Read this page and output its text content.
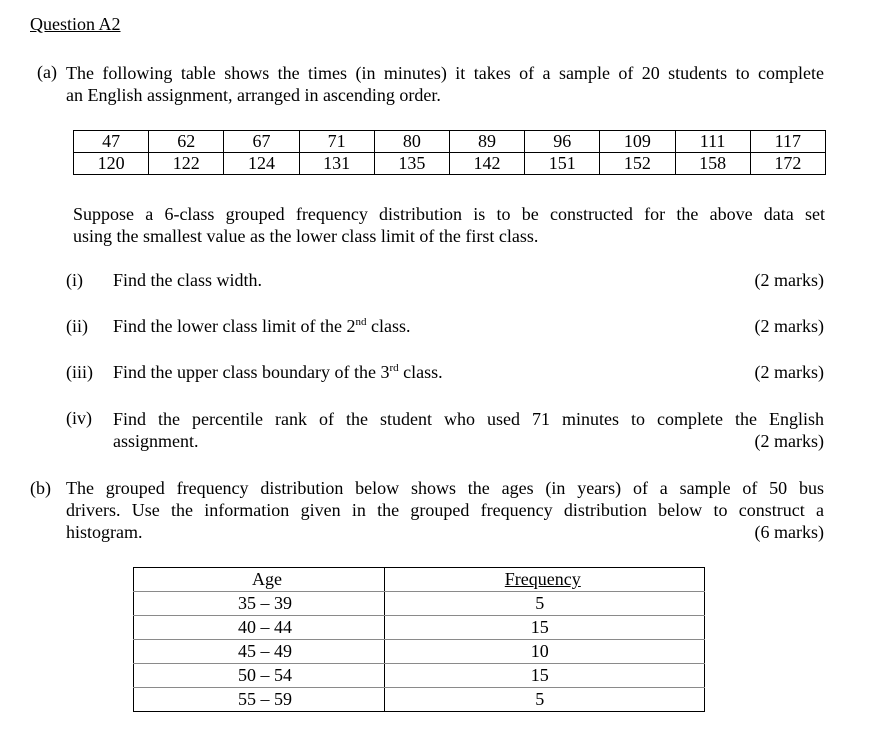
Question A2
(a) The following table shows the times (in minutes) it takes of a sample of 20 students to complete
an English assignment, arranged in ascending order.
47	62	67	71	80	89	96	109	111	117
120	122	124	131	135	142	151	152	158	172
Suppose a 6-class grouped frequency distribution is to be constructed for the above data set
using the smallest value as the lower class limit of the first class.
(i) Find the class width.	(2 marks)
(ii) Find the lower class limit of the 2nd class.	(2 marks)
(iii) Find the upper class boundary of the 3rd class.	(2 marks)
(iv) Find the percentile rank of the student who used 71 minutes to complete the English
assignment.	(2 marks)
(b) The grouped frequency distribution below shows the ages (in years) of a sample of 50 bus
drivers. Use the information given in the grouped frequency distribution below to construct a
histogram.	(6 marks)
Age	Frequency
35 – 39	5
40 – 44	15
45 – 49	10
50 – 54	15
55 – 59	5
